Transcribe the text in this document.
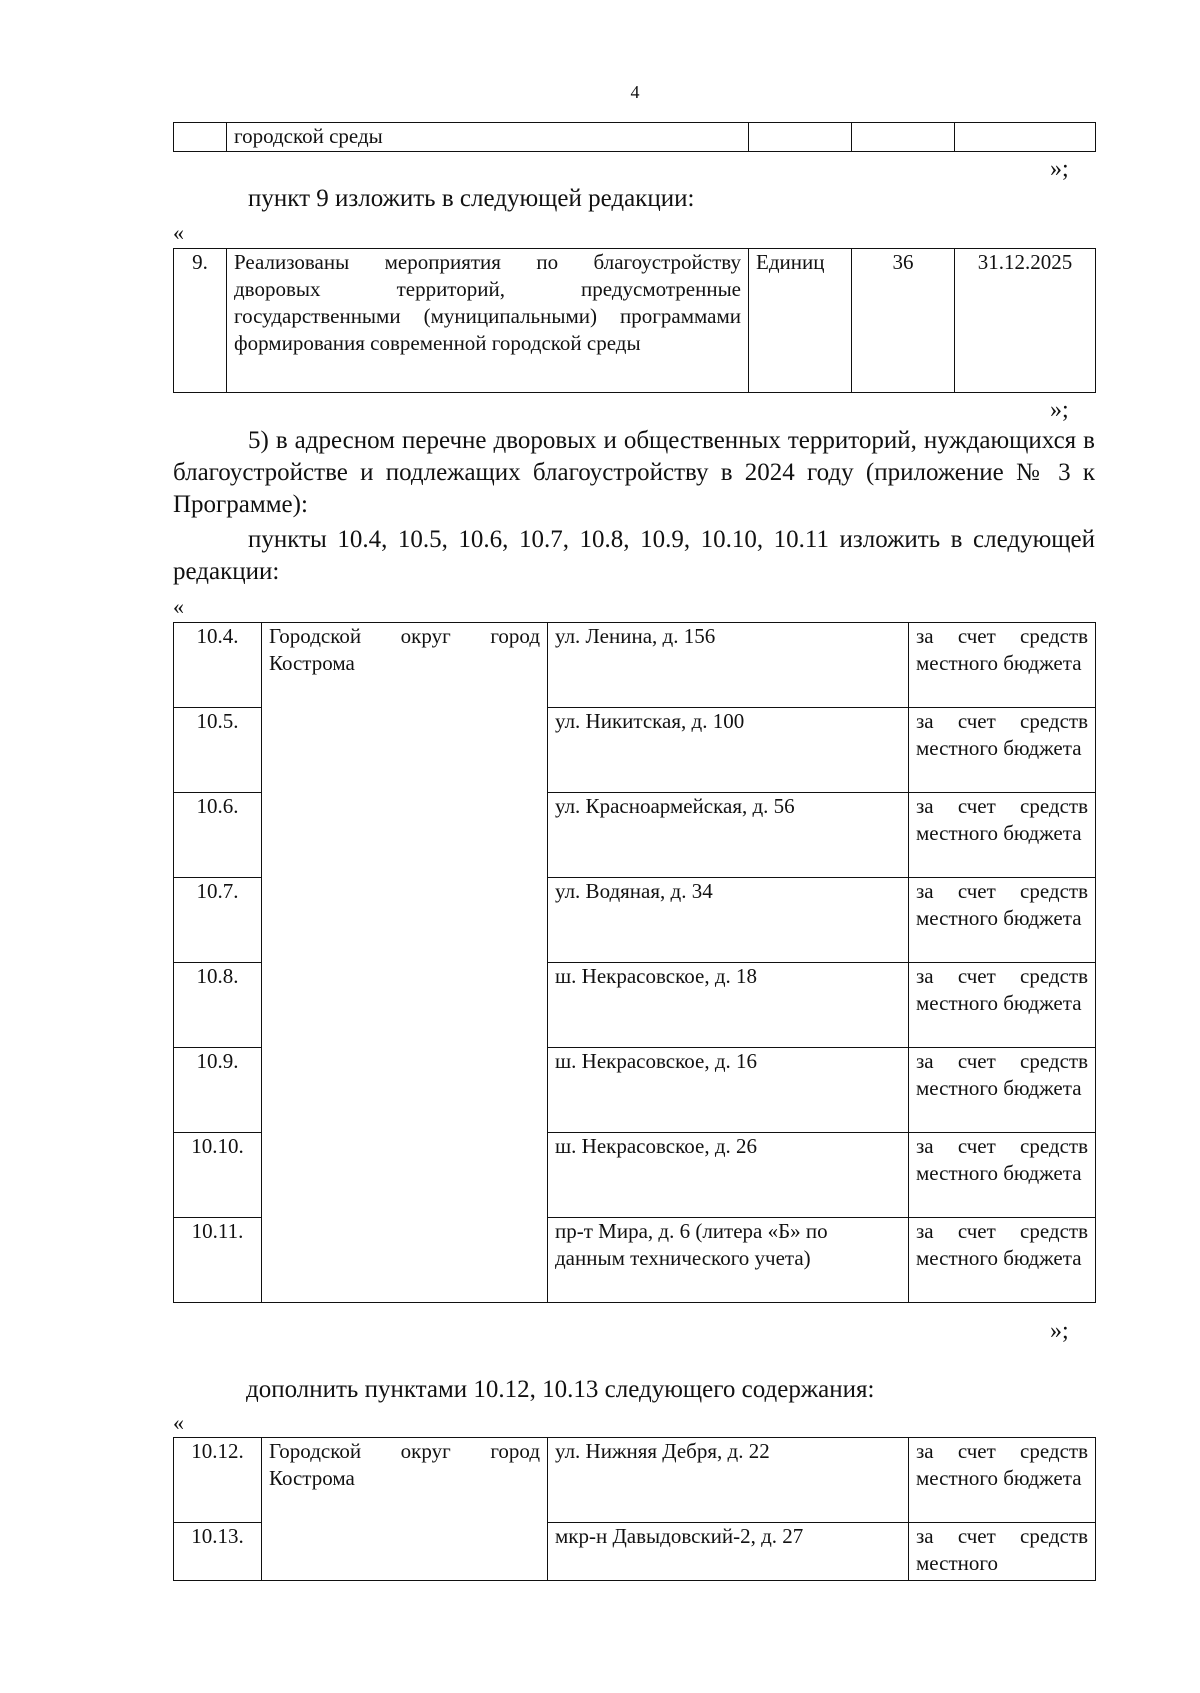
4
	городской среды			
»;

пункт 9 изложить в следующей редакции:

«
9.	Реализованы мероприятия по благоустройству дворовых территорий, предусмотренные государственными (муниципальными) программами формирования современной городской среды	Единиц	36	31.12.2025
»;

5) в адресном перечне дворовых и общественных территорий, нуждающихся в благоустройстве и подлежащих благоустройству в 2024 году (приложение № 3 к Программе):

пункты 10.4, 10.5, 10.6, 10.7, 10.8, 10.9, 10.10, 10.11 изложить в следующей редакции:

«
10.4.	Городской округ город Кострома	ул. Ленина, д. 156	за счет средств местного бюджета
10.5.		ул. Никитская, д. 100	за счет средств местного бюджета
10.6.		ул. Красноармейская, д. 56	за счет средств местного бюджета
10.7.		ул. Водяная, д. 34	за счет средств местного бюджета
10.8.		ш. Некрасовское, д. 18	за счет средств местного бюджета
10.9.		ш. Некрасовское, д. 16	за счет средств местного бюджета
10.10.		ш. Некрасовское, д. 26	за счет средств местного бюджета
10.11.		пр-т Мира, д. 6 (литера «Б» по данным технического учета)	за счет средств местного бюджета
»;

дополнить пунктами 10.12, 10.13 следующего содержания:

«
10.12.	Городской округ город Кострома	ул. Нижняя Дебря, д. 22	за счет средств местного бюджета
10.13.		мкр-н Давыдовский-2, д. 27	за счет средств местного
